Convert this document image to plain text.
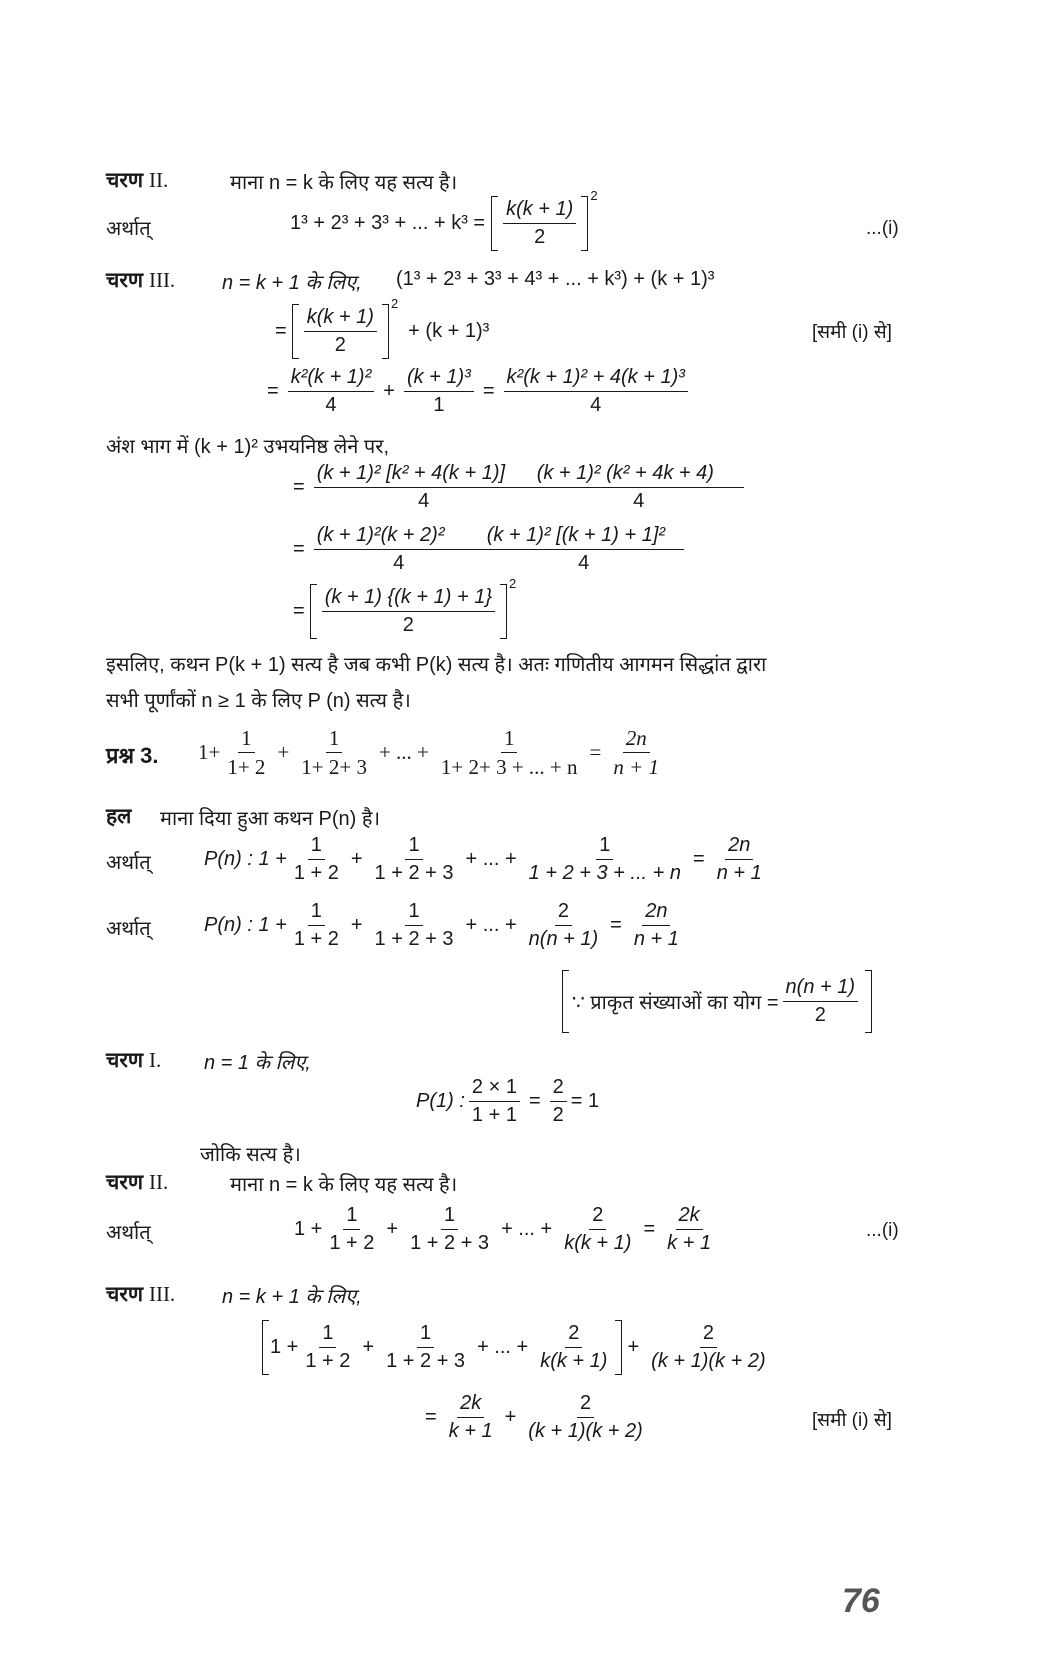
चरण II.	माना n = k के लिए यह सत्य है।
अर्थात्	1³ + 2³ + 3³ + ... + $k^3 = \frac{k(k + 1)}{2}$
2
...(i)
चरण III. n = k + 1 के लिए, (1³ + 2³ + 3³ + 4³ + ... + k³) + (k + 1)³
= $\frac{k(k + 1)}{2}$
2
+ (k + 1)³	[समी (i) से]
= $\frac{\text{k²(k + 1)²}}{4} + \frac{\text{(k + 1)³}}{1} = \frac{\text{k²(k + 1)² + 4(k + 1)³}}{4}$
अंश भाग में (k + 1)² उभयनिष्ठ लेने पर,
= $\frac{\text{(k + 1)² [k² + 4(k + 1)]}}{4} \frac{\text{(k + 1)² (k² + 4k + 4)}}{4}$
= $\frac{\text{(k + 1)²(k + 2)²}}{4} \frac{\text{(k + 1)² [(k + 1) + 1]²}}{4}$
= $\frac{(k + 1) \{(k + 1) + 1\}}{2}$
2
इसलिए, कथन P(k + 1) सत्य है जब कभी P(k) सत्य है। अतः गणितीय आगमन सिद्धांत द्वारा
सभी पूर्णांकों n ≥ 1 के लिए P (n) सत्य है।
प्रश्न 3. $1+ \frac{1}{1+ 2} + \frac{1}{1+ 2+ 3}$ + ... + $\frac{1}{1+ 2+ 3 + ... + n} = \frac{2n}{n + 1}$
हल माना दिया हुआ कथन P(n) है।
अर्थात्	P(n) : $1 + \frac{1}{1 + 2} + \frac{1}{1 + 2 + 3}$ + ... + $\frac{1}{1 + 2 + 3 + ... + n} = \frac{2n}{n + 1}$
अर्थात्	P(n) : $1 + \frac{1}{1 + 2} + \frac{1}{1 + 2 + 3}$ + ... + $\frac{2}{n(n + 1)} = \frac{2n}{n + 1}$
∵ प्राकृत संख्याओं का योग = $\frac{n(n + 1)}{2}$
चरण I. n = 1 के लिए,
P(1) : $\frac{2 \times 1}{1 + 1} = \frac{2}{2} = 1$
जोकि सत्य है।
चरण II.	माना n = k के लिए यह सत्य है।
अर्थात्	$1 + \frac{1}{1 + 2} + \frac{1}{1 + 2 + 3}$ + ... + $\frac{2}{k(k + 1)} = \frac{2k}{k + 1}$	...(i)
चरण III. n = k + 1 के लिए,
$1 + \frac{1}{1 + 2} + \frac{1}{1 + 2 + 3}$ + ... + $\frac{2}{k(k + 1)} + \frac{2}{(k + 1)(k + 2)}$
= $\frac{2k}{k + 1} + \frac{2}{(k + 1)(k + 2)}$	[समी (i) से]
76
